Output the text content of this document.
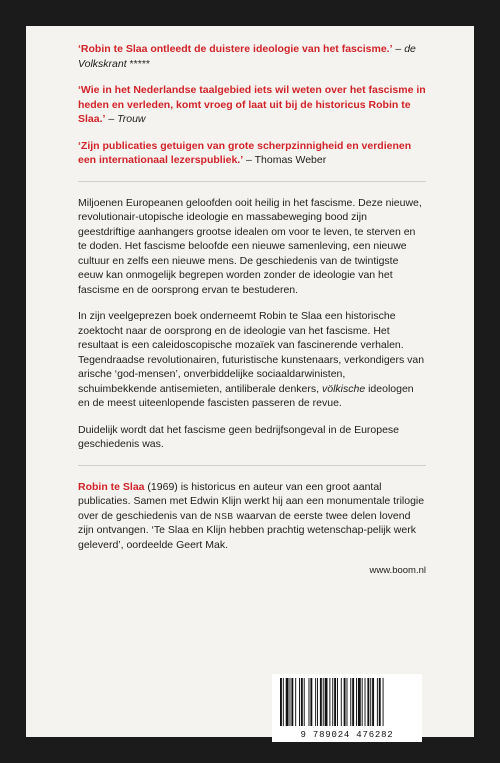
‘Robin te Slaa ontleedt de duistere ideologie van het fascisme.’ – de Volkskrant *****
‘Wie in het Nederlandse taalgebied iets wil weten over het fascisme in heden en verleden, komt vroeg of laat uit bij de historicus Robin te Slaa.’ – Trouw
‘Zijn publicaties getuigen van grote scherpzinnigheid en verdienen een internationaal lezerspubliek.’ – Thomas Weber

Miljoenen Europeanen geloofden ooit heilig in het fascisme. Deze nieuwe, revolutionair-utopische ideologie en massabeweging bood zijn geestdriftige aanhangers grootse idealen om voor te leven, te sterven en te doden. Het fascisme beloofde een nieuwe samenleving, een nieuwe cultuur en zelfs een nieuwe mens. De geschiedenis van de twintigste eeuw kan onmogelijk begrepen worden zonder de ideologie van het fascisme en de oorsprong ervan te bestuderen.

In zijn veelgeprezen boek onderneemt Robin te Slaa een historische zoektocht naar de oorsprong en de ideologie van het fascisme. Het resultaat is een caleidoscopische mozaïek van fascinerende verhalen. Tegendraadse revolutionairen, futuristische kunstenaars, verkondigers van arische ‘god-mensen’, onverbiddelijke sociaaldarwinisten, schuimbekkende antisemieten, antiliberale denkers, völkische ideologen en de meest uiteenlopende fascisten passeren de revue.

Duidelijk wordt dat het fascisme geen bedrijfsongeval in de Europese geschiedenis was.

Robin te Slaa (1969) is historicus en auteur van een groot aantal publicaties. Samen met Edwin Klijn werkt hij aan een monumentale trilogie over de geschiedenis van de NSB waarvan de eerste twee delen lovend zijn ontvangen. ‘Te Slaa en Klijn hebben prachtig wetenschap-pelijk werk geleverd’, oordeelde Geert Mak.

www.boom.nl
9 789024 476282
